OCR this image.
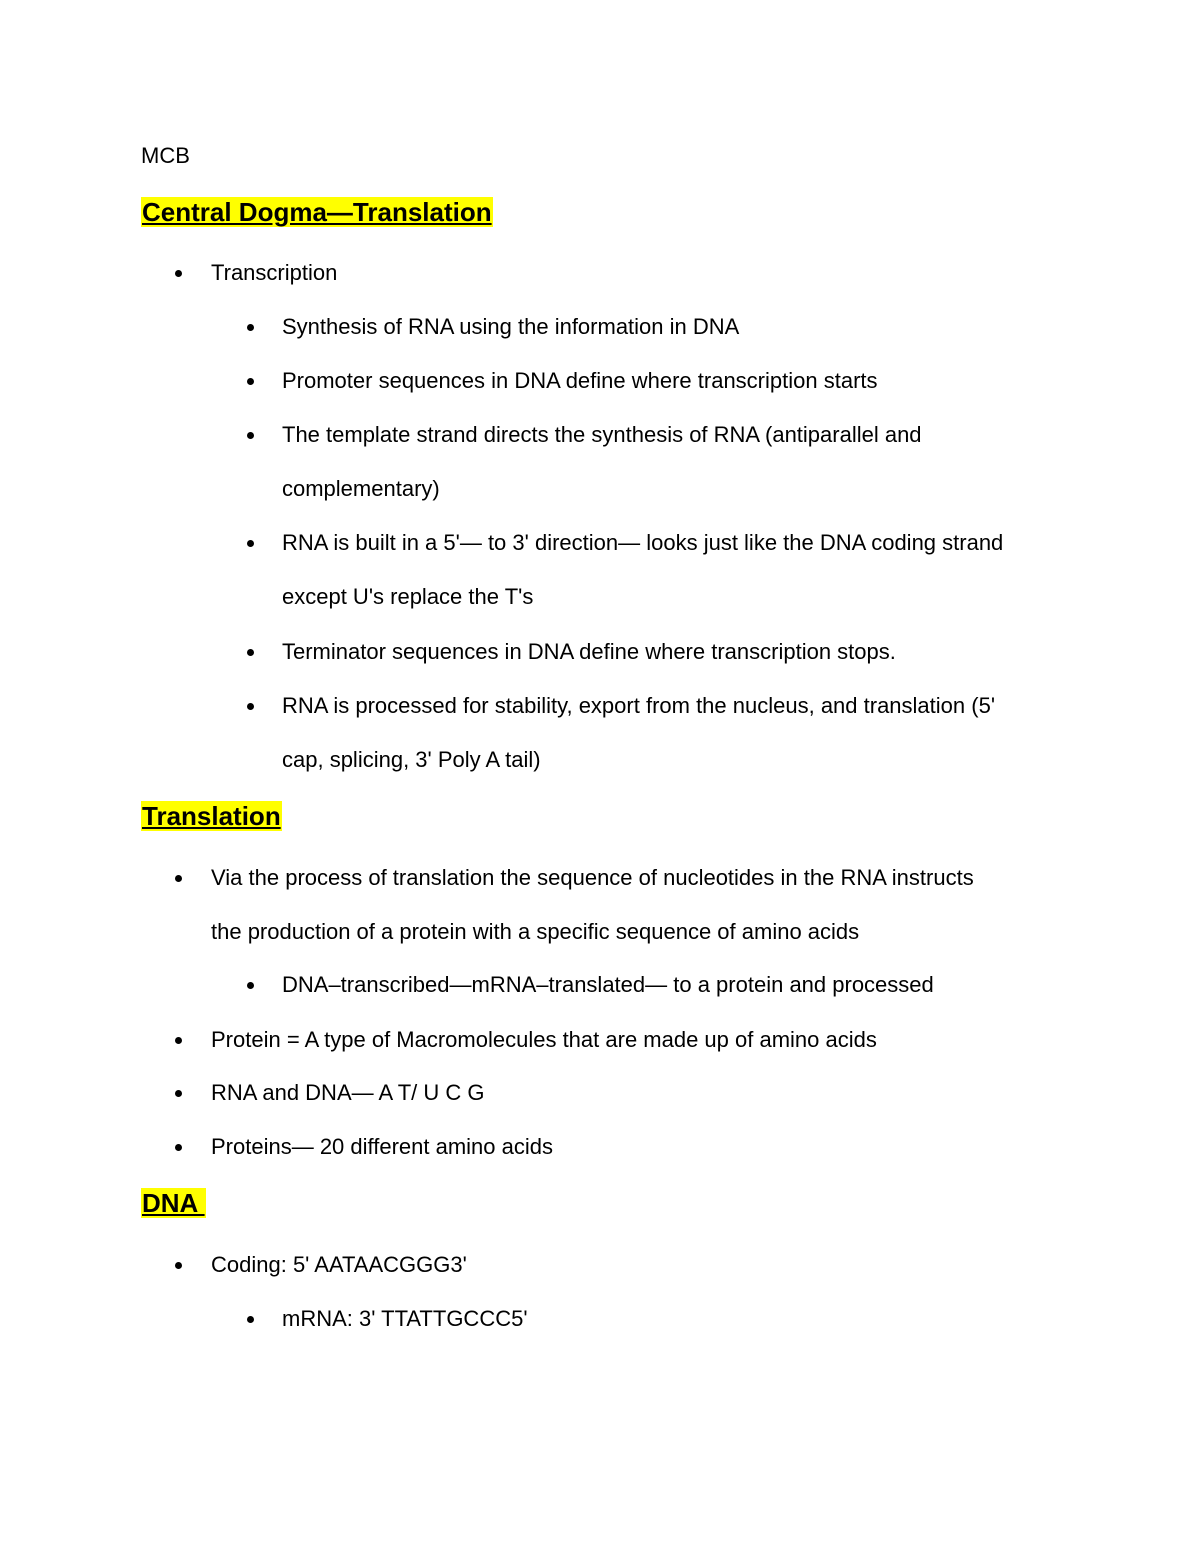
MCB
Central Dogma—Translation
Transcription
Synthesis of RNA using the information in DNA
Promoter sequences in DNA define where transcription starts
The template strand directs the synthesis of RNA (antiparallel and
complementary)
RNA is built in a 5'— to 3' direction— looks just like the DNA coding strand
except U's replace the T's
Terminator sequences in DNA define where transcription stops.
RNA is processed for stability, export from the nucleus, and translation (5'
cap, splicing, 3' Poly A tail)
Translation
Via the process of translation the sequence of nucleotides in the RNA instructs
the production of a protein with a specific sequence of amino acids
DNA–transcribed—mRNA–translated— to a protein and processed
Protein = A type of Macromolecules that are made up of amino acids
RNA and DNA— A T/ U C G
Proteins— 20 different amino acids
DNA
Coding: 5' AATAACGGG3'
mRNA: 3' TTATTGCCC5'
